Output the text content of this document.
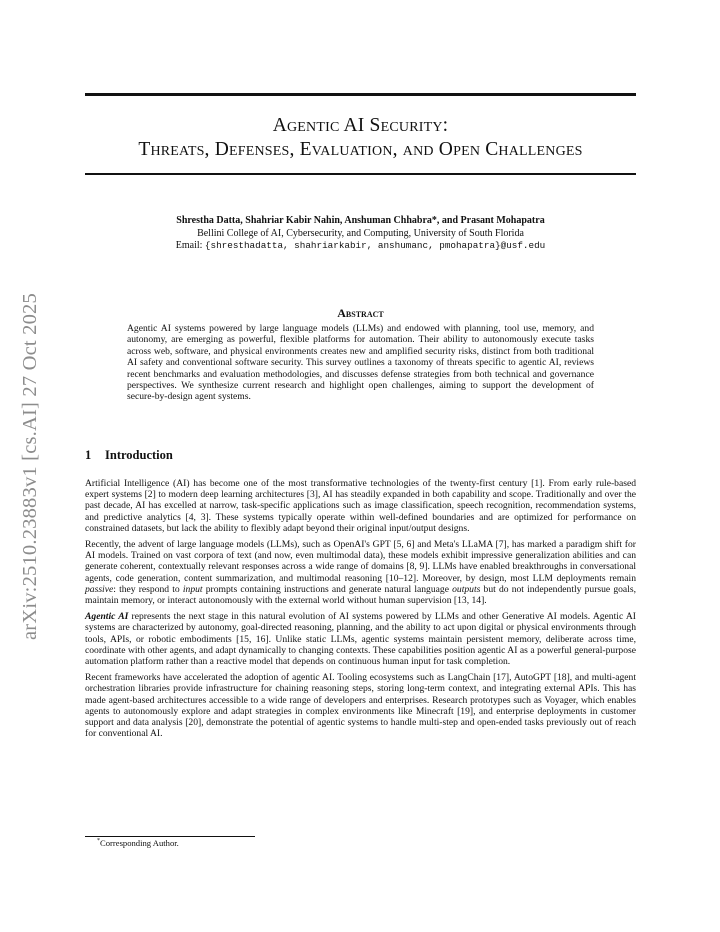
Agentic AI Security:
Threats, Defenses, Evaluation, and Open Challenges
Shrestha Datta, Shahriar Kabir Nahin, Anshuman Chhabra*, and Prasant Mohapatra
Bellini College of AI, Cybersecurity, and Computing, University of South Florida
Email: {shresthadatta, shahriarkabir, anshumanc, pmohapatra}@usf.edu
arXiv:2510.23883v1 [cs.AI] 27 Oct 2025	Abstract
Agentic AI systems powered by large language models (LLMs) and endowed with planning, tool use, memory, and autonomy, are emerging as powerful, flexible platforms for automation. Their ability to autonomously execute tasks across web, software, and physical environments creates new and amplified security risks, distinct from both traditional AI safety and conventional software security. This survey outlines a taxonomy of threats specific to agentic AI, reviews recent benchmarks and evaluation methodologies, and discusses defense strategies from both technical and governance perspectives. We synthesize current research and highlight open challenges, aiming to support the development of secure-by-design agent systems.
1 Introduction

Artificial Intelligence (AI) has become one of the most transformative technologies of the twenty-first century [1]. From early rule-based expert systems [2] to modern deep learning architectures [3], AI has steadily expanded in both capability and scope. Traditionally and over the past decade, AI has excelled at narrow, task-specific applications such as image classification, speech recognition, recommendation systems, and predictive analytics [4, 3]. These systems typically operate within well-defined boundaries and are optimized for performance on constrained datasets, but lack the ability to flexibly adapt beyond their original input/output designs.

Recently, the advent of large language models (LLMs), such as OpenAI's GPT [5, 6] and Meta's LLaMA [7], has marked a paradigm shift for AI models. Trained on vast corpora of text (and now, even multimodal data), these models exhibit impressive generalization abilities and can generate coherent, contextually relevant responses across a wide range of domains [8, 9]. LLMs have enabled breakthroughs in conversational agents, code generation, content summarization, and multimodal reasoning [10–12]. Moreover, by design, most LLM deployments remain passive: they respond to input prompts containing instructions and generate natural language outputs but do not independently pursue goals, maintain memory, or interact autonomously with the external world without human supervision [13, 14].

Agentic AI represents the next stage in this natural evolution of AI systems powered by LLMs and other Generative AI models. Agentic AI systems are characterized by autonomy, goal-directed reasoning, planning, and the ability to act upon digital or physical environments through tools, APIs, or robotic embodiments [15, 16]. Unlike static LLMs, agentic systems maintain persistent memory, deliberate across time, coordinate with other agents, and adapt dynamically to changing contexts. These capabilities position agentic AI as a powerful general-purpose automation platform rather than a reactive model that depends on continuous human input for task completion.

Recent frameworks have accelerated the adoption of agentic AI. Tooling ecosystems such as LangChain [17], AutoGPT [18], and multi-agent orchestration libraries provide infrastructure for chaining reasoning steps, storing long-term context, and integrating external APIs. This has made agent-based architectures accessible to a wide range of developers and enterprises. Research prototypes such as Voyager, which enables agents to autonomously explore and adapt strategies in complex environments like Minecraft [19], and enterprise deployments in customer support and data analysis [20], demonstrate the potential of agentic systems to handle multi-step and open-ended tasks previously out of reach for conventional AI.

*Corresponding Author.
